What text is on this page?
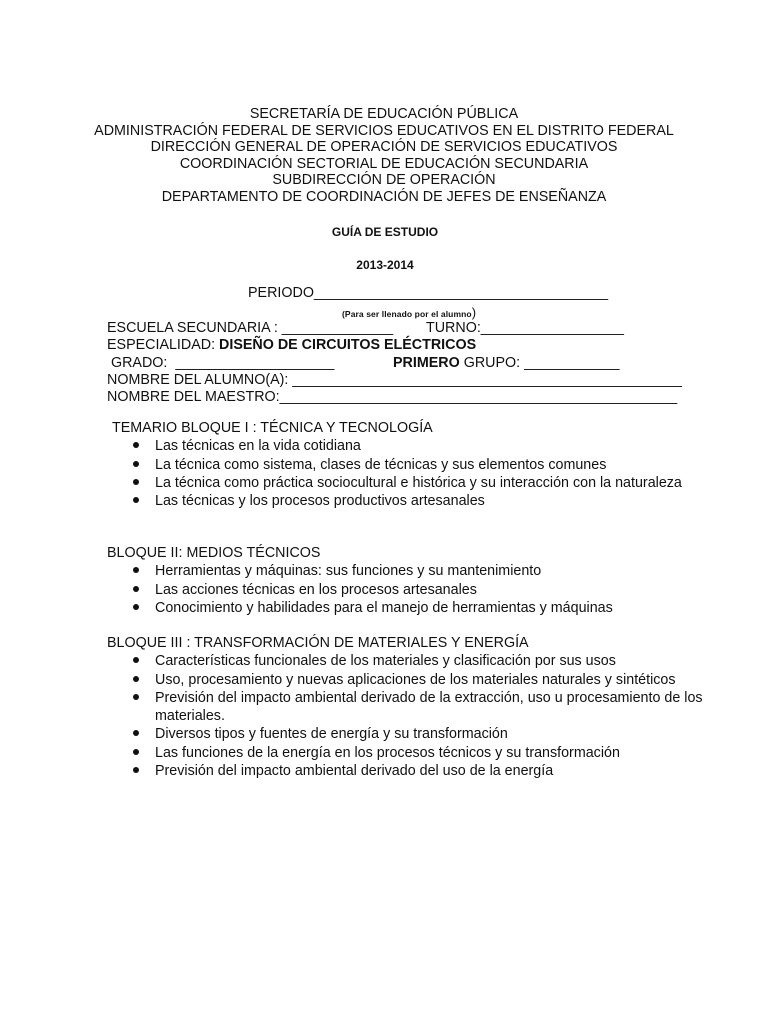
SECRETARÍA DE EDUCACIÓN PÚBLICA
ADMINISTRACIÓN FEDERAL DE SERVICIOS EDUCATIVOS EN EL DISTRITO FEDERAL
DIRECCIÓN GENERAL DE OPERACIÓN DE SERVICIOS EDUCATIVOS
COORDINACIÓN SECTORIAL DE EDUCACIÓN SECUNDARIA
SUBDIRECCIÓN DE OPERACIÓN
DEPARTAMENTO DE COORDINACIÓN DE JEFES DE ENSEÑANZA
GUÍA DE ESTUDIO
2013-2014
PERIODO_____________________________________
(Para ser llenado por el alumno)
ESCUELA SECUNDARIA : ______________ TURNO:__________________
ESPECIALIDAD: DISEÑO DE CIRCUITOS ELÉCTRICOS
GRADO:  ____________________	PRIMERO GRUPO: ____________
NOMBRE DEL ALUMNO(A): _________________________________________________
NOMBRE DEL MAESTRO:__________________________________________________
TEMARIO BLOQUE I : TÉCNICA Y TECNOLOGÍA
Las técnicas en la vida cotidiana
La técnica como sistema, clases de técnicas y sus elementos comunes
La técnica como práctica sociocultural e histórica y su interacción con la naturaleza
Las técnicas y los procesos productivos artesanales
BLOQUE II: MEDIOS TÉCNICOS
Herramientas y máquinas: sus funciones y su mantenimiento
Las acciones técnicas en los procesos artesanales
Conocimiento y habilidades para el manejo de herramientas y máquinas
BLOQUE III : TRANSFORMACIÓN DE MATERIALES Y ENERGÍA
Características funcionales de los materiales y clasificación por sus usos
Uso, procesamiento y nuevas aplicaciones de los materiales naturales y sintéticos
Previsión del impacto ambiental derivado de la extracción, uso u procesamiento de los materiales.
Diversos tipos y fuentes de energía y su transformación
Las funciones de la energía en los procesos técnicos y su transformación
Previsión del impacto ambiental derivado del uso de la energía
